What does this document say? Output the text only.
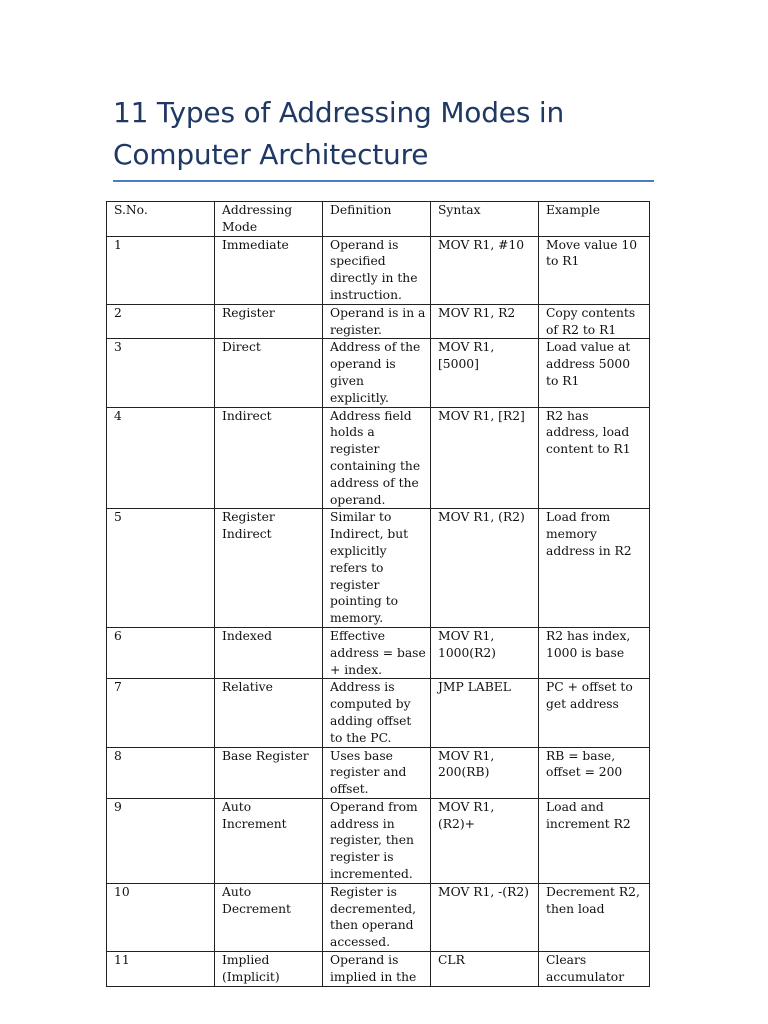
11 Types of Addressing Modes in
Computer Architecture
S.No.	Addressing Mode	Definition	Syntax	Example
1	Immediate	Operand is specified directly in the instruction.	MOV R1, #10	Move value 10 to R1
2	Register	Operand is in a register.	MOV R1, R2	Copy contents of R2 to R1
3	Direct	Address of the operand is given explicitly.	MOV R1, [5000]	Load value at address 5000 to R1
4	Indirect	Address field holds a register containing the address of the operand.	MOV R1, [R2]	R2 has address, load content to R1
5	Register Indirect	Similar to Indirect, but explicitly refers to register pointing to memory.	MOV R1, (R2)	Load from memory address in R2
6	Indexed	Effective address = base + index.	MOV R1, 1000(R2)	R2 has index, 1000 is base
7	Relative	Address is computed by adding offset to the PC.	JMP LABEL	PC + offset to get address
8	Base Register	Uses base register and offset.	MOV R1, 200(RB)	RB = base, offset = 200
9	Auto Increment	Operand from address in register, then register is incremented.	MOV R1, (R2)+	Load and increment R2
10	Auto Decrement	Register is decremented, then operand accessed.	MOV R1, -(R2)	Decrement R2, then load
11	Implied (Implicit)	Operand is implied in the	CLR	Clears accumulator
